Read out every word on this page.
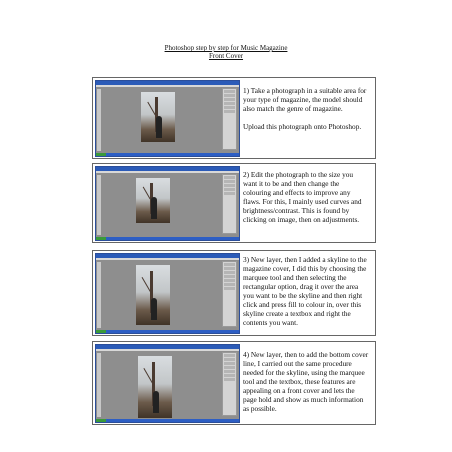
Photoshop step by step for Music Magazine
Front Cover

1) Take a photograph in a suitable area for your type of magazine, the model should also match the genre of magazine.

Upload this photograph onto Photoshop.

2) Edit the photograph to the size you want it to be and then change the colouring and effects to improve any flaws. For this, I mainly used curves and brightness/contrast. This is found by clicking on image, then on adjustments.

3) New layer, then I added a skyline to the magazine cover, I did this by choosing the marquee tool and then selecting the rectangular option, drag it over the area you want to be the skyline and then right click and press fill to colour in, over this skyline create a textbox and right the contents you want.

4) New layer, then to add the bottom cover line, I carried out the same procedure needed for the skyline, using the marquee tool and the textbox, these features are appealing on a front cover and lets the page hold and show as much information as possible.
